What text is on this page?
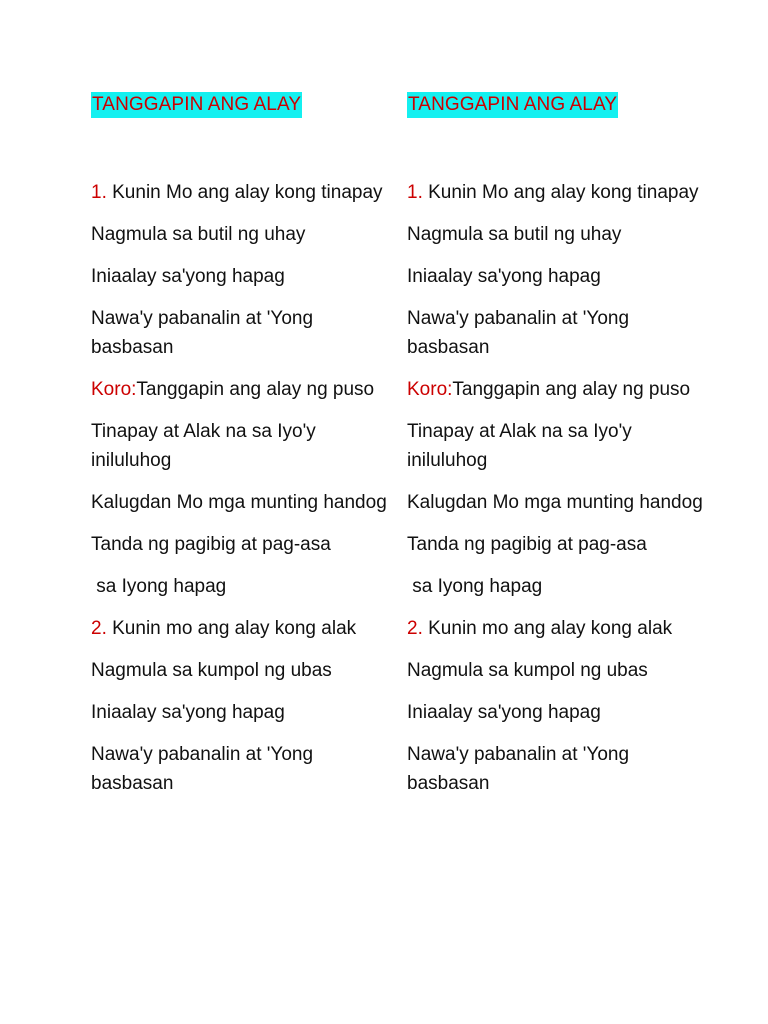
TANGGAPIN ANG ALAY

1. Kunin Mo ang alay kong tinapay

Nagmula sa butil ng uhay

Iniaalay sa'yong hapag

Nawa'y pabanalin at 'Yong basbasan

Koro:Tanggapin ang alay ng puso

Tinapay at Alak na sa Iyo'y iniluluhog

Kalugdan Mo mga munting handog

Tanda ng pagibig at pag-asa

sa Iyong hapag

2. Kunin mo ang alay kong alak

Nagmula sa kumpol ng ubas

Iniaalay sa'yong hapag

Nawa'y pabanalin at 'Yong basbasan

TANGGAPIN ANG ALAY

1. Kunin Mo ang alay kong tinapay

Nagmula sa butil ng uhay

Iniaalay sa'yong hapag

Nawa'y pabanalin at 'Yong basbasan

Koro:Tanggapin ang alay ng puso

Tinapay at Alak na sa Iyo'y iniluluhog

Kalugdan Mo mga munting handog

Tanda ng pagibig at pag-asa

sa Iyong hapag

2. Kunin mo ang alay kong alak

Nagmula sa kumpol ng ubas

Iniaalay sa'yong hapag

Nawa'y pabanalin at 'Yong basbasan
